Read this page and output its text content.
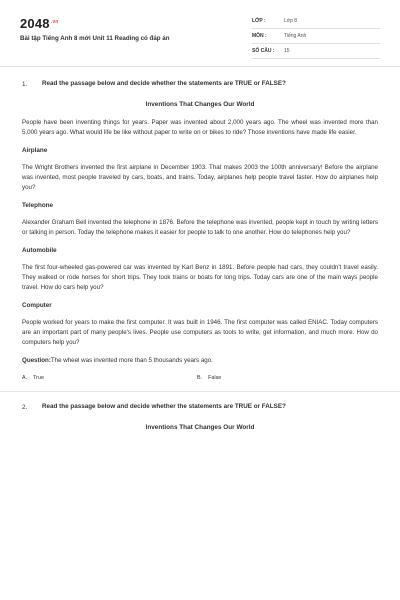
$2048^{.vn}$
Bài tập Tiếng Anh 8 mới Unit 11 Reading có đáp án
LỚP :	Lớp 8
MÔN :	Tiếng Anh
SỐ CÂU :	15
1. Read the passage below and decide whether the statements are TRUE or FALSE?
Inventions That Changes Our World

People have been inventing things for years. Paper was invented about 2,000 years ago. The wheel was invented more than 5,000 years ago. What would life be like without paper to write on or bikes to ride? Those inventions have made life easier.

Airplane

The Wright Brothers invented the first airplane in December 1903. That makes 2003 the 100th anniversary! Before the airplane was invented, most people traveled by cars, boats, and trains. Today, airplanes help people travel faster. How do airplanes help you?

Telephone

Alexander Graham Bell invented the telephone in 1876. Before the telephone was invented, people kept in touch by writing letters or talking in person. Today the telephone makes it easier for people to talk to one another. How do telephones help you?

Automobile

The first four-wheeled gas-powered car was invented by Karl Benz in 1891. Before people had cars, they couldn't travel easily. They walked or rode horses for short trips. They took trains or boats for long trips. Today cars are one of the main ways people travel. How do cars help you?

Computer

People worked for years to make the first computer. It was built in 1946. The first computer was called ENIAC. Today computers are an important part of many people's lives. People use computers as tools to write, get information, and much more. How do computers help you?

Question:The wheel was invented more than 5 thousands years ago.
A. True	B. False
2. Read the passage below and decide whether the statements are TRUE or FALSE?
Inventions That Changes Our World
